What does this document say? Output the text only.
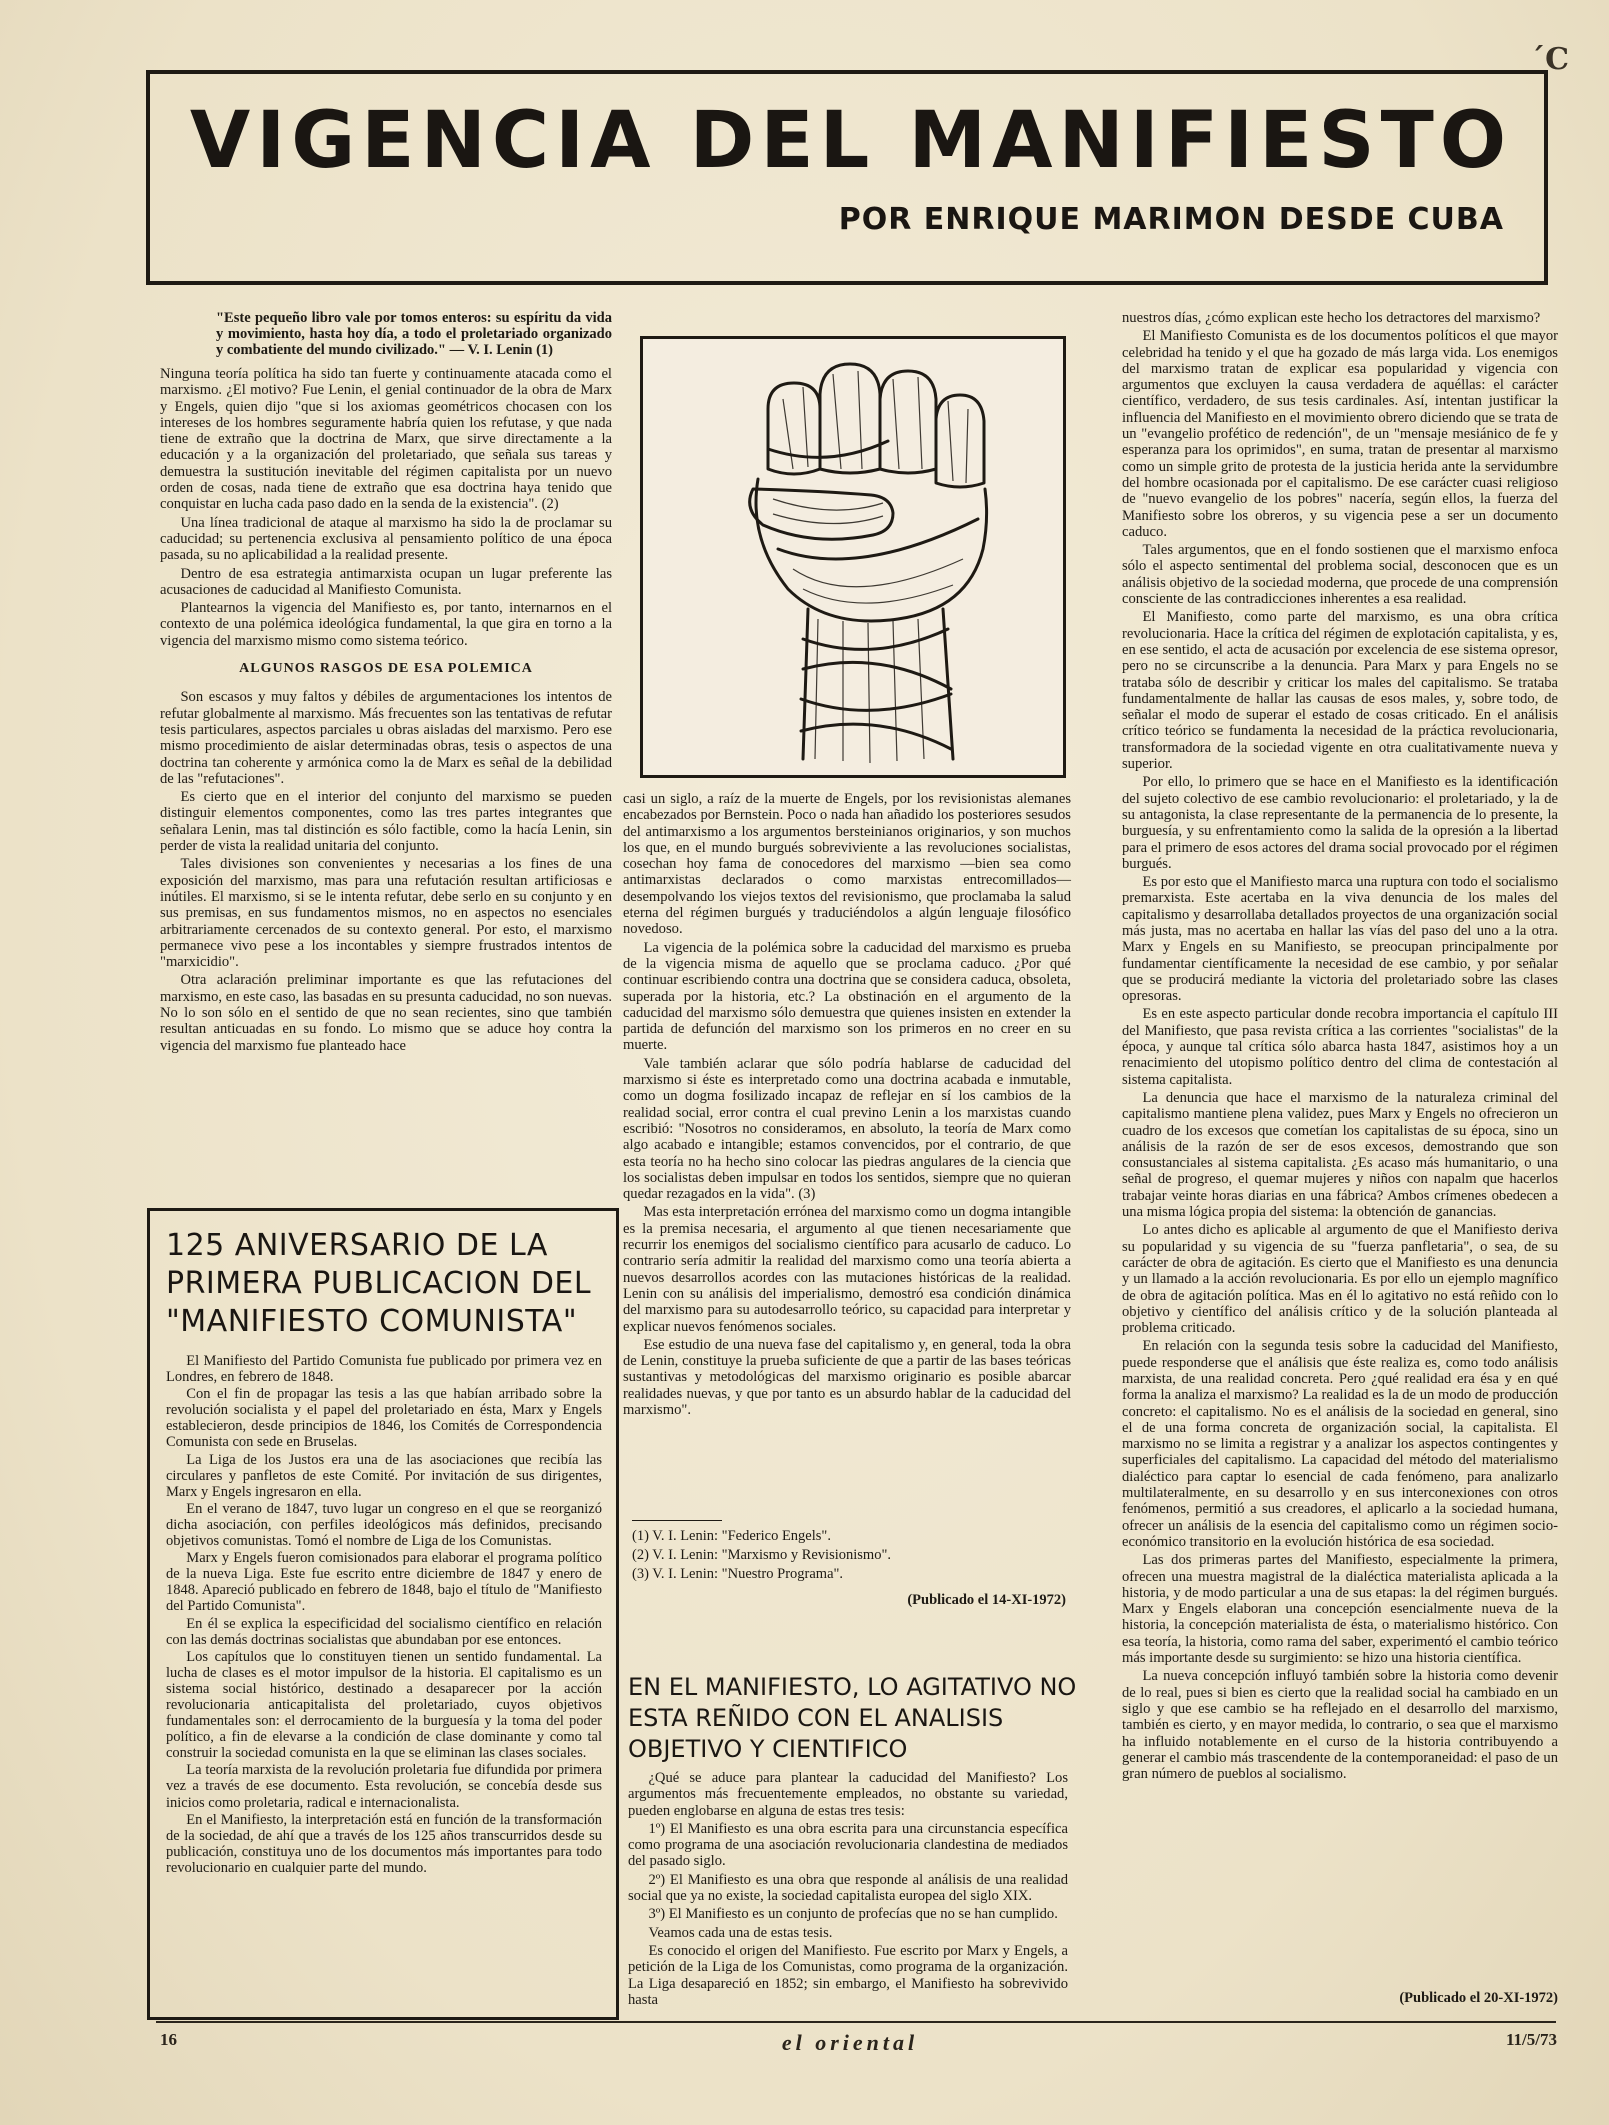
´C
VIGENCIA DEL MANIFIESTO
POR ENRIQUE MARIMON DESDE CUBA
"Este pequeño libro vale por tomos enteros: su espíritu da vida y movimiento, hasta hoy día, a todo el proletariado organizado y combatiente del mundo civilizado." — V. I. Lenin (1)

Ninguna teoría política ha sido tan fuerte y continuamente atacada como el marxismo. ¿El motivo? Fue Lenin, el genial continuador de la obra de Marx y Engels, quien dijo "que si los axiomas geométricos chocasen con los intereses de los hombres seguramente habría quien los refutase, y que nada tiene de extraño que la doctrina de Marx, que sirve directamente a la educación y a la organización del proletariado, que señala sus tareas y demuestra la sustitución inevitable del régimen capitalista por un nuevo orden de cosas, nada tiene de extraño que esa doctrina haya tenido que conquistar en lucha cada paso dado en la senda de la existencia". (2)

Una línea tradicional de ataque al marxismo ha sido la de proclamar su caducidad; su pertenencia exclusiva al pensamiento político de una época pasada, su no aplicabilidad a la realidad presente.

Dentro de esa estrategia antimarxista ocupan un lugar preferente las acusaciones de caducidad al Manifiesto Comunista.

Plantearnos la vigencia del Manifiesto es, por tanto, internarnos en el contexto de una polémica ideológica fundamental, la que gira en torno a la vigencia del marxismo mismo como sistema teórico.

ALGUNOS RASGOS DE ESA POLEMICA

Son escasos y muy faltos y débiles de argumentaciones los intentos de refutar globalmente al marxismo. Más frecuentes son las tentativas de refutar tesis particulares, aspectos parciales u obras aisladas del marxismo. Pero ese mismo procedimiento de aislar determinadas obras, tesis o aspectos de una doctrina tan coherente y armónica como la de Marx es señal de la debilidad de las "refutaciones".

Es cierto que en el interior del conjunto del marxismo se pueden distinguir elementos componentes, como las tres partes integrantes que señalara Lenin, mas tal distinción es sólo factible, como la hacía Lenin, sin perder de vista la realidad unitaria del conjunto.

Tales divisiones son convenientes y necesarias a los fines de una exposición del marxismo, mas para una refutación resultan artificiosas e inútiles. El marxismo, si se le intenta refutar, debe serlo en su conjunto y en sus premisas, en sus fundamentos mismos, no en aspectos no esenciales arbitrariamente cercenados de su contexto general. Por esto, el marxismo permanece vivo pese a los incontables y siempre frustrados intentos de "marxicidio".

Otra aclaración preliminar importante es que las refutaciones del marxismo, en este caso, las basadas en su presunta caducidad, no son nuevas. No lo son sólo en el sentido de que no sean recientes, sino que también resultan anticuadas en su fondo. Lo mismo que se aduce hoy contra la vigencia del marxismo fue planteado hace

casi un siglo, a raíz de la muerte de Engels, por los revisionistas alemanes encabezados por Bernstein. Poco o nada han añadido los posteriores sesudos del antimarxismo a los argumentos bersteinianos originarios, y son muchos los que, en el mundo burgués sobreviviente a las revoluciones socialistas, cosechan hoy fama de conocedores del marxismo —bien sea como antimarxistas declarados o como marxistas entrecomillados— desempolvando los viejos textos del revisionismo, que proclamaba la salud eterna del régimen burgués y traduciéndolos a algún lenguaje filosófico novedoso.

La vigencia de la polémica sobre la caducidad del marxismo es prueba de la vigencia misma de aquello que se proclama caduco. ¿Por qué continuar escribiendo contra una doctrina que se considera caduca, obsoleta, superada por la historia, etc.? La obstinación en el argumento de la caducidad del marxismo sólo demuestra que quienes insisten en extender la partida de defunción del marxismo son los primeros en no creer en su muerte.

Vale también aclarar que sólo podría hablarse de caducidad del marxismo si éste es interpretado como una doctrina acabada e inmutable, como un dogma fosilizado incapaz de reflejar en sí los cambios de la realidad social, error contra el cual previno Lenin a los marxistas cuando escribió: "Nosotros no consideramos, en absoluto, la teoría de Marx como algo acabado e intangible; estamos convencidos, por el contrario, de que esta teoría no ha hecho sino colocar las piedras angulares de la ciencia que los socialistas deben impulsar en todos los sentidos, siempre que no quieran quedar rezagados en la vida". (3)

Mas esta interpretación errónea del marxismo como un dogma intangible es la premisa necesaria, el argumento al que tienen necesariamente que recurrir los enemigos del socialismo científico para acusarlo de caduco. Lo contrario sería admitir la realidad del marxismo como una teoría abierta a nuevos desarrollos acordes con las mutaciones históricas de la realidad. Lenin con su análisis del imperialismo, demostró esa condición dinámica del marxismo para su autodesarrollo teórico, su capacidad para interpretar y explicar nuevos fenómenos sociales.

Ese estudio de una nueva fase del capitalismo y, en general, toda la obra de Lenin, constituye la prueba suficiente de que a partir de las bases teóricas sustantivas y metodológicas del marxismo originario es posible abarcar realidades nuevas, y que por tanto es un absurdo hablar de la caducidad del marxismo".

(1) V. I. Lenin: "Federico Engels".
(2) V. I. Lenin: "Marxismo y Revisionismo".
(3) V. I. Lenin: "Nuestro Programa".
(Publicado el 14-XI-1972)
125 ANIVERSARIO DE LA PRIMERA PUBLICACION DEL "MANIFIESTO COMUNISTA"

El Manifiesto del Partido Comunista fue publicado por primera vez en Londres, en febrero de 1848.

Con el fin de propagar las tesis a las que habían arribado sobre la revolución socialista y el papel del proletariado en ésta, Marx y Engels establecieron, desde principios de 1846, los Comités de Correspondencia Comunista con sede en Bruselas.

La Liga de los Justos era una de las asociaciones que recibía las circulares y panfletos de este Comité. Por invitación de sus dirigentes, Marx y Engels ingresaron en ella.

En el verano de 1847, tuvo lugar un congreso en el que se reorganizó dicha asociación, con perfiles ideológicos más definidos, precisando objetivos comunistas. Tomó el nombre de Liga de los Comunistas.

Marx y Engels fueron comisionados para elaborar el programa político de la nueva Liga. Este fue escrito entre diciembre de 1847 y enero de 1848. Apareció publicado en febrero de 1848, bajo el título de "Manifiesto del Partido Comunista".

En él se explica la especificidad del socialismo científico en relación con las demás doctrinas socialistas que abundaban por ese entonces.

Los capítulos que lo constituyen tienen un sentido fundamental. La lucha de clases es el motor impulsor de la historia. El capitalismo es un sistema social histórico, destinado a desaparecer por la acción revolucionaria anticapitalista del proletariado, cuyos objetivos fundamentales son: el derrocamiento de la burguesía y la toma del poder político, a fin de elevarse a la condición de clase dominante y como tal construir la sociedad comunista en la que se eliminan las clases sociales.

La teoría marxista de la revolución proletaria fue difundida por primera vez a través de ese documento. Esta revolución, se concebía desde sus inicios como proletaria, radical e internacionalista.

En el Manifiesto, la interpretación está en función de la transformación de la sociedad, de ahí que a través de los 125 años transcurridos desde su publicación, constituya uno de los documentos más importantes para todo revolucionario en cualquier parte del mundo.

EN EL MANIFIESTO, LO AGITATIVO NO ESTA REÑIDO CON EL ANALISIS OBJETIVO Y CIENTIFICO

¿Qué se aduce para plantear la caducidad del Manifiesto? Los argumentos más frecuentemente empleados, no obstante su variedad, pueden englobarse en alguna de estas tres tesis:

1º) El Manifiesto es una obra escrita para una circunstancia específica como programa de una asociación revolucionaria clandestina de mediados del pasado siglo.

2º) El Manifiesto es una obra que responde al análisis de una realidad social que ya no existe, la sociedad capitalista europea del siglo XIX.

3º) El Manifiesto es un conjunto de profecías que no se han cumplido.

Veamos cada una de estas tesis.

Es conocido el origen del Manifiesto. Fue escrito por Marx y Engels, a petición de la Liga de los Comunistas, como programa de la organización. La Liga desapareció en 1852; sin embargo, el Manifiesto ha sobrevivido hasta

nuestros días, ¿cómo explican este hecho los detractores del marxismo?

El Manifiesto Comunista es de los documentos políticos el que mayor celebridad ha tenido y el que ha gozado de más larga vida. Los enemigos del marxismo tratan de explicar esa popularidad y vigencia con argumentos que excluyen la causa verdadera de aquéllas: el carácter científico, verdadero, de sus tesis cardinales. Así, intentan justificar la influencia del Manifiesto en el movimiento obrero diciendo que se trata de un "evangelio profético de redención", de un "mensaje mesiánico de fe y esperanza para los oprimidos", en suma, tratan de presentar al marxismo como un simple grito de protesta de la justicia herida ante la servidumbre del hombre ocasionada por el capitalismo. De ese carácter cuasi religioso de "nuevo evangelio de los pobres" nacería, según ellos, la fuerza del Manifiesto sobre los obreros, y su vigencia pese a ser un documento caduco.

Tales argumentos, que en el fondo sostienen que el marxismo enfoca sólo el aspecto sentimental del problema social, desconocen que es un análisis objetivo de la sociedad moderna, que procede de una comprensión consciente de las contradicciones inherentes a esa realidad.

El Manifiesto, como parte del marxismo, es una obra crítica revolucionaria. Hace la crítica del régimen de explotación capitalista, y es, en ese sentido, el acta de acusación por excelencia de ese sistema opresor, pero no se circunscribe a la denuncia. Para Marx y para Engels no se trataba sólo de describir y criticar los males del capitalismo. Se trataba fundamentalmente de hallar las causas de esos males, y, sobre todo, de señalar el modo de superar el estado de cosas criticado. En el análisis crítico teórico se fundamenta la necesidad de la práctica revolucionaria, transformadora de la sociedad vigente en otra cualitativamente nueva y superior.

Por ello, lo primero que se hace en el Manifiesto es la identificación del sujeto colectivo de ese cambio revolucionario: el proletariado, y la de su antagonista, la clase representante de la permanencia de lo presente, la burguesía, y su enfrentamiento como la salida de la opresión a la libertad para el primero de esos actores del drama social provocado por el régimen burgués.

Es por esto que el Manifiesto marca una ruptura con todo el socialismo premarxista. Este acertaba en la viva denuncia de los males del capitalismo y desarrollaba detallados proyectos de una organización social más justa, mas no acertaba en hallar las vías del paso del uno a la otra. Marx y Engels en su Manifiesto, se preocupan principalmente por fundamentar científicamente la necesidad de ese cambio, y por señalar que se producirá mediante la victoria del proletariado sobre las clases opresoras.

Es en este aspecto particular donde recobra importancia el capítulo III del Manifiesto, que pasa revista crítica a las corrientes "socialistas" de la época, y aunque tal crítica sólo abarca hasta 1847, asistimos hoy a un renacimiento del utopismo político dentro del clima de contestación al sistema capitalista.

La denuncia que hace el marxismo de la naturaleza criminal del capitalismo mantiene plena validez, pues Marx y Engels no ofrecieron un cuadro de los excesos que cometían los capitalistas de su época, sino un análisis de la razón de ser de esos excesos, demostrando que son consustanciales al sistema capitalista. ¿Es acaso más humanitario, o una señal de progreso, el quemar mujeres y niños con napalm que hacerlos trabajar veinte horas diarias en una fábrica? Ambos crímenes obedecen a una misma lógica propia del sistema: la obtención de ganancias.

Lo antes dicho es aplicable al argumento de que el Manifiesto deriva su popularidad y su vigencia de su "fuerza panfletaria", o sea, de su carácter de obra de agitación. Es cierto que el Manifiesto es una denuncia y un llamado a la acción revolucionaria. Es por ello un ejemplo magnífico de obra de agitación política. Mas en él lo agitativo no está reñido con lo objetivo y científico del análisis crítico y de la solución planteada al problema criticado.

En relación con la segunda tesis sobre la caducidad del Manifiesto, puede responderse que el análisis que éste realiza es, como todo análisis marxista, de una realidad concreta. Pero ¿qué realidad era ésa y en qué forma la analiza el marxismo? La realidad es la de un modo de producción concreto: el capitalismo. No es el análisis de la sociedad en general, sino el de una forma concreta de organización social, la capitalista. El marxismo no se limita a registrar y a analizar los aspectos contingentes y superficiales del capitalismo. La capacidad del método del materialismo dialéctico para captar lo esencial de cada fenómeno, para analizarlo multilateralmente, en su desarrollo y en sus interconexiones con otros fenómenos, permitió a sus creadores, el aplicarlo a la sociedad humana, ofrecer un análisis de la esencia del capitalismo como un régimen socio-económico transitorio en la evolución histórica de esa sociedad.

Las dos primeras partes del Manifiesto, especialmente la primera, ofrecen una muestra magistral de la dialéctica materialista aplicada a la historia, y de modo particular a una de sus etapas: la del régimen burgués. Marx y Engels elaboran una concepción esencialmente nueva de la historia, la concepción materialista de ésta, o materialismo histórico. Con esa teoría, la historia, como rama del saber, experimentó el cambio teórico más importante desde su surgimiento: se hizo una historia científica.

La nueva concepción influyó también sobre la historia como devenir de lo real, pues si bien es cierto que la realidad social ha cambiado en un siglo y que ese cambio se ha reflejado en el desarrollo del marxismo, también es cierto, y en mayor medida, lo contrario, o sea que el marxismo ha influido notablemente en el curso de la historia contribuyendo a generar el cambio más trascendente de la contemporaneidad: el paso de un gran número de pueblos al socialismo.

(Publicado el 20-XI-1972)
16	el oriental	11/5/73
